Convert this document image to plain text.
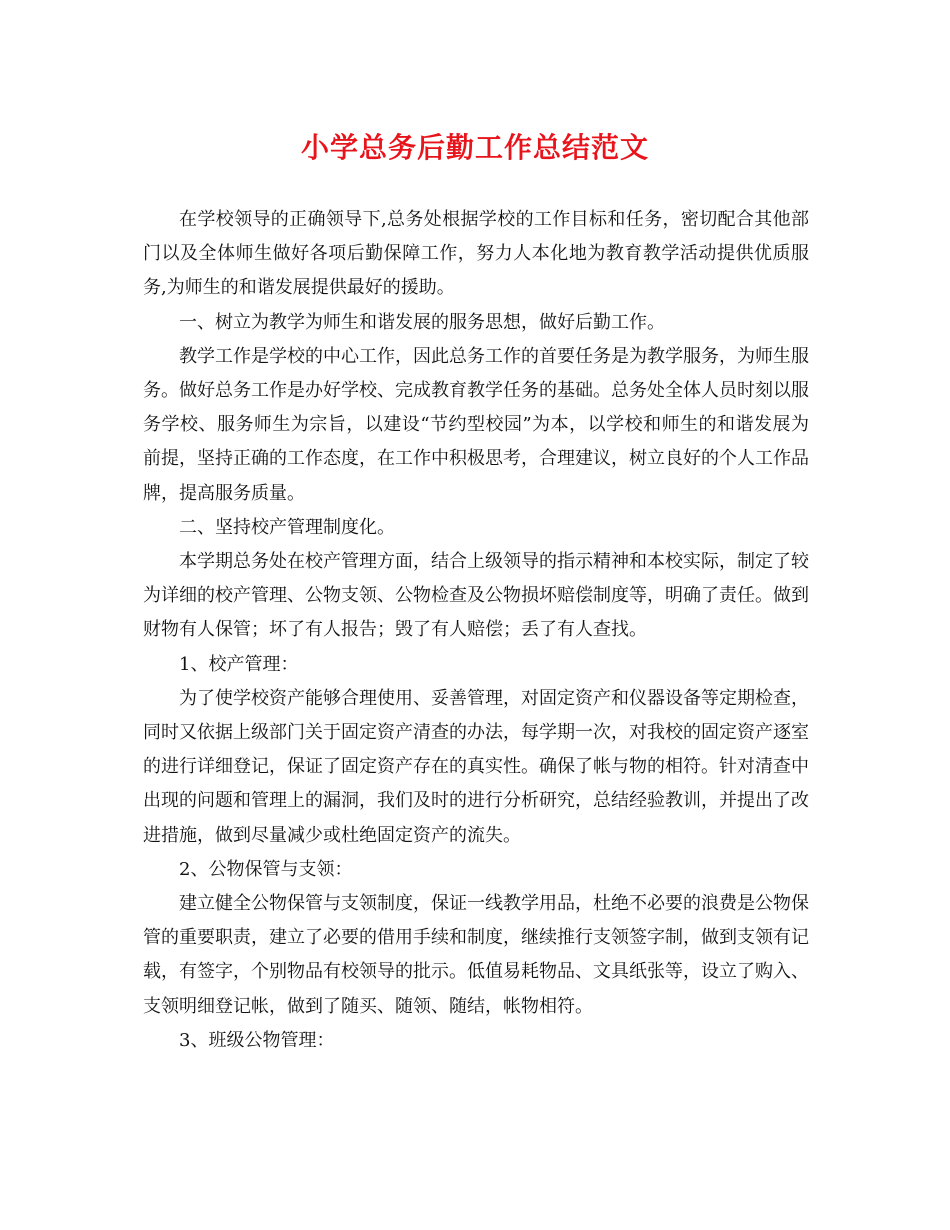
小学总务后勤工作总结范文

在学校领导的正确领导下,总务处根据学校的工作目标和任务，密切配合其他部门以及全体师生做好各项后勤保障工作，努力人本化地为教育教学活动提供优质服务,为师生的和谐发展提供最好的援助。

一、树立为教学为师生和谐发展的服务思想，做好后勤工作。

教学工作是学校的中心工作，因此总务工作的首要任务是为教学服务，为师生服务。做好总务工作是办好学校、完成教育教学任务的基础。总务处全体人员时刻以服务学校、服务师生为宗旨，以建设“节约型校园”为本，以学校和师生的和谐发展为前提，坚持正确的工作态度，在工作中积极思考，合理建议，树立良好的个人工作品牌，提高服务质量。

二、坚持校产管理制度化。

本学期总务处在校产管理方面，结合上级领导的指示精神和本校实际，制定了较为详细的校产管理、公物支领、公物检查及公物损坏赔偿制度等，明确了责任。做到财物有人保管；坏了有人报告；毁了有人赔偿；丢了有人查找。

1、校产管理：

为了使学校资产能够合理使用、妥善管理，对固定资产和仪器设备等定期检查，同时又依据上级部门关于固定资产清查的办法，每学期一次，对我校的固定资产逐室的进行详细登记，保证了固定资产存在的真实性。确保了帐与物的相符。针对清查中出现的问题和管理上的漏洞，我们及时的进行分析研究，总结经验教训，并提出了改进措施，做到尽量减少或杜绝固定资产的流失。

2、公物保管与支领：

建立健全公物保管与支领制度，保证一线教学用品，杜绝不必要的浪费是公物保管的重要职责，建立了必要的借用手续和制度，继续推行支领签字制，做到支领有记载，有签字，个别物品有校领导的批示。低值易耗物品、文具纸张等，设立了购入、支领明细登记帐，做到了随买、随领、随结，帐物相符。

3、班级公物管理：
